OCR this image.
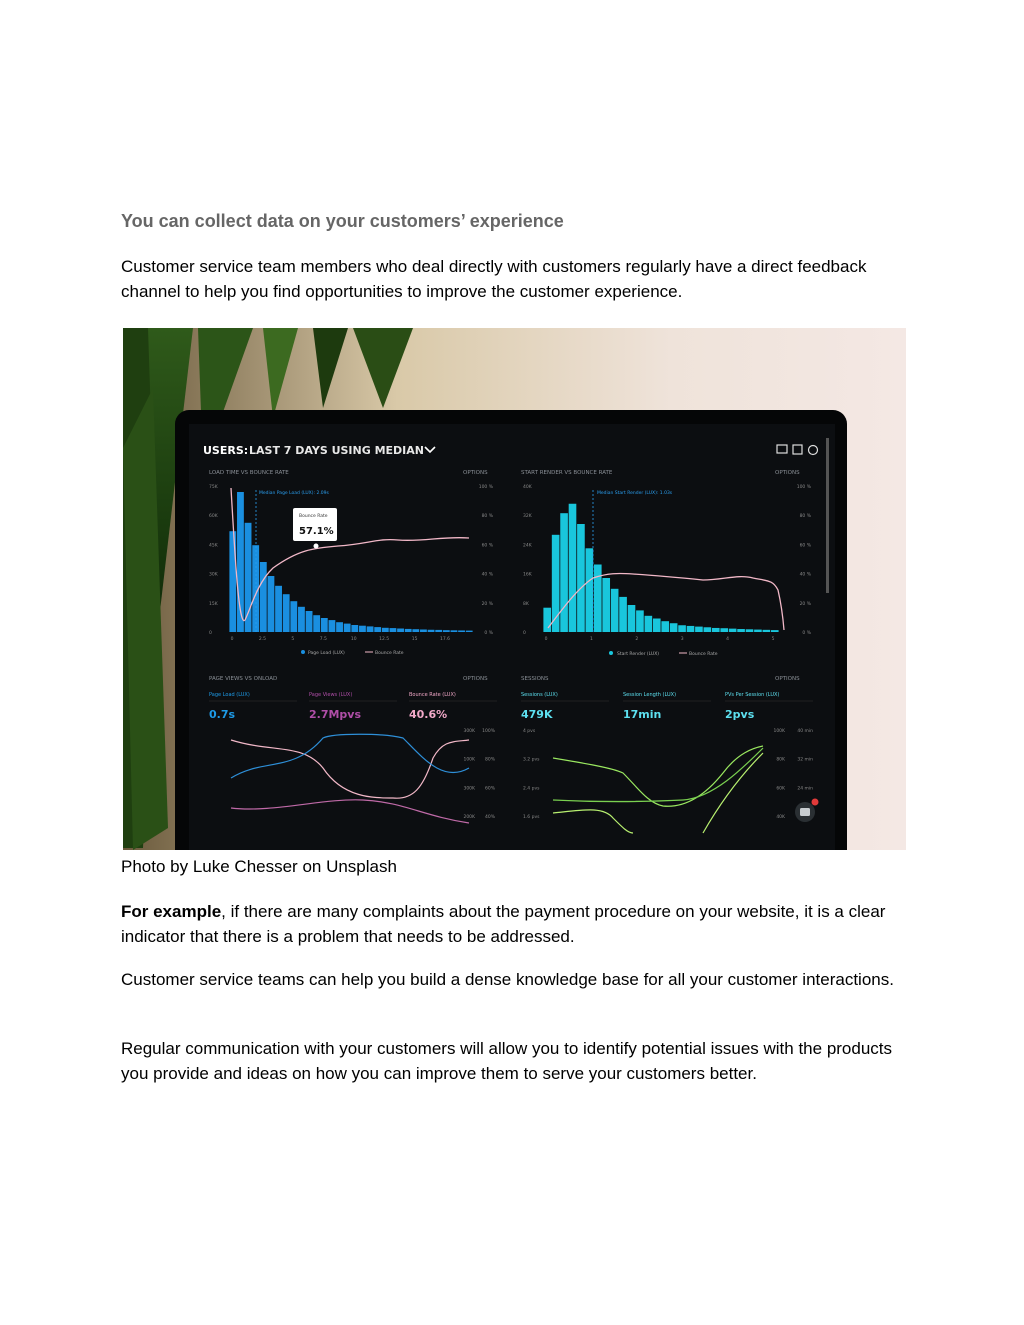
You can collect data on your customers’ experience

Customer service team members who deal directly with customers regularly have a direct feedback channel to help you find opportunities to improve the customer experience.

USERS: LAST 7 DAYS USING MEDIAN
LOAD TIME VS BOUNCE RATE	OPTIONS
Median Page Load (LUX): 2.09s
75K
60K
45K
30K
15K
0
100 %
80 %
60 %
40 %
20 %
0 %
0	2.5	5	7.5	10	12.5	15	17.6
Bounce Rate
57.1%
Page Load (LUX)	Bounce Rate
START RENDER VS BOUNCE RATE	OPTIONS
Median Start Render (LUX): 1.03s
40K
32K
24K
16K
8K
0
100 %
80 %
60 %
40 %
20 %
0 %
0	1	2	3	4	5
Start Render (LUX)	Bounce Rate
PAGE VIEWS VS ONLOAD	OPTIONS
Page Load (LUX)
0.7s
Page Views (LUX)
2.7Mpvs
Bounce Rate (LUX)
40.6%
300K
100K
300K
200K
100%
80%
60%
40%
SESSIONS	OPTIONS
Sessions (LUX)
479K
Session Length (LUX)
17min
PVs Per Session (LUX)
2pvs
4 pvs
3.2 pvs
2.4 pvs
1.6 pvs
100K
80K
60K
40K
40 min
32 min
24 min

Photo by Luke Chesser on Unsplash

For example, if there are many complaints about the payment procedure on your website, it is a clear indicator that there is a problem that needs to be addressed.

Customer service teams can help you build a dense knowledge base for all your customer interactions.

Regular communication with your customers will allow you to identify potential issues with the products you provide and ideas on how you can improve them to serve your customers better.
